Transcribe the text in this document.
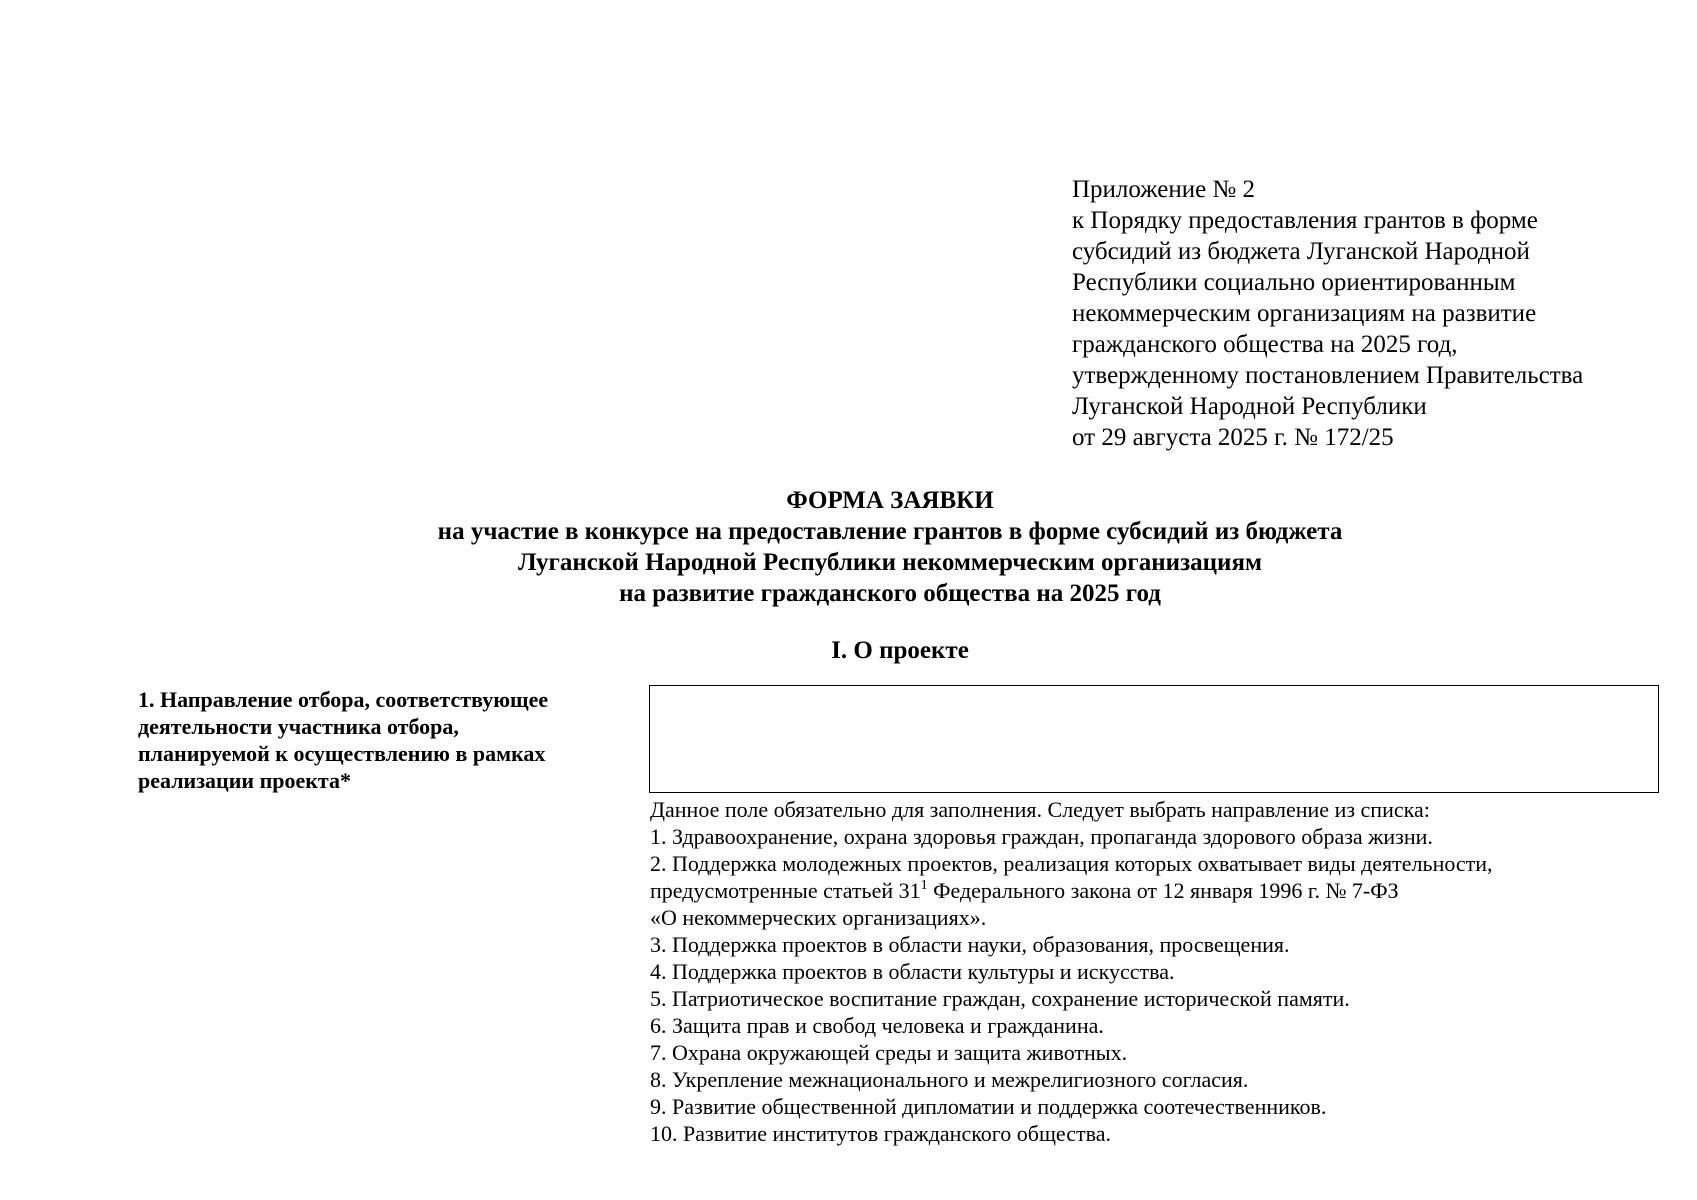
Приложение № 2
к Порядку предоставления грантов в форме
субсидий из бюджета Луганской Народной
Республики социально ориентированным
некоммерческим организациям на развитие
гражданского общества на 2025 год,
утвержденному постановлением Правительства
Луганской Народной Республики
от 29 августа 2025 г. № 172/25
ФОРМА ЗАЯВКИ
на участие в конкурсе на предоставление грантов в форме субсидий из бюджета
Луганской Народной Республики некоммерческим организациям
на развитие гражданского общества на 2025 год
I. О проекте
1. Направление отбора, соответствующее
деятельности участника отбора,
планируемой к осуществлению в рамках
реализации проекта*
Данное поле обязательно для заполнения. Следует выбрать направление из списка:
1. Здравоохранение, охрана здоровья граждан, пропаганда здорового образа жизни.
2. Поддержка молодежных проектов, реализация которых охватывает виды деятельности,
предусмотренные статьей $31^1$ Федерального закона от 12 января 1996 г. № 7-ФЗ
«О некоммерческих организациях».
3. Поддержка проектов в области науки, образования, просвещения.
4. Поддержка проектов в области культуры и искусства.
5. Патриотическое воспитание граждан, сохранение исторической памяти.
6. Защита прав и свобод человека и гражданина.
7. Охрана окружающей среды и защита животных.
8. Укрепление межнационального и межрелигиозного согласия.
9. Развитие общественной дипломатии и поддержка соотечественников.
10. Развитие институтов гражданского общества.
